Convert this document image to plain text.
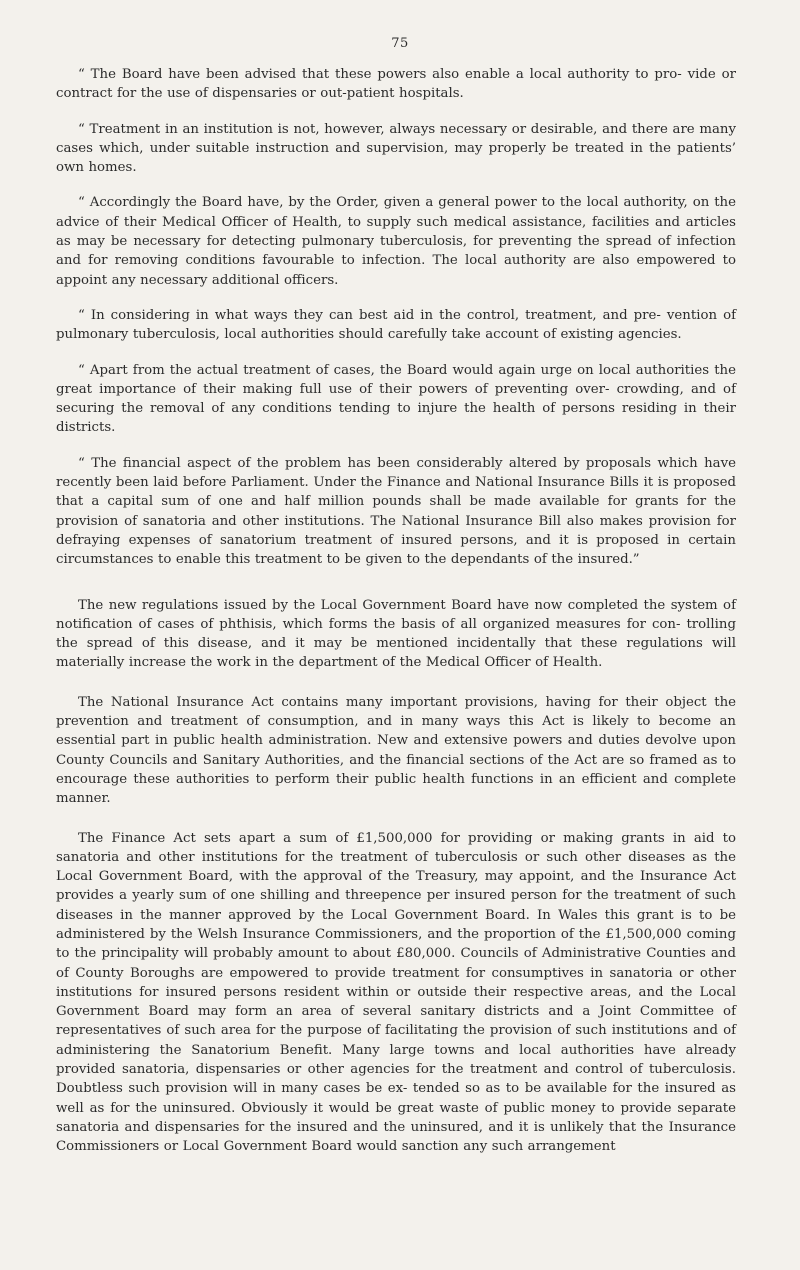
75

“ The Board have been advised that these powers also enable a local authority to pro- vide or contract for the use of dispensaries or out-patient hospitals.

“ Treatment in an institution is not, however, always necessary or desirable, and there are many cases which, under suitable instruction and supervision, may properly be treated in the patients’ own homes.

“ Accordingly the Board have, by the Order, given a general power to the local authority, on the advice of their Medical Officer of Health, to supply such medical assistance, facilities and articles as may be necessary for detecting pulmonary tuberculosis, for preventing the spread of infection and for removing conditions favourable to infection. The local authority are also empowered to appoint any necessary additional officers.

“ In considering in what ways they can best aid in the control, treatment, and pre- vention of pulmonary tuberculosis, local authorities should carefully take account of existing agencies.

“ Apart from the actual treatment of cases, the Board would again urge on local authorities the great importance of their making full use of their powers of preventing over- crowding, and of securing the removal of any conditions tending to injure the health of persons residing in their districts.

“ The financial aspect of the problem has been considerably altered by proposals which have recently been laid before Parliament. Under the Finance and National Insurance Bills it is proposed that a capital sum of one and half million pounds shall be made available for grants for the provision of sanatoria and other institutions. The National Insurance Bill also makes provision for defraying expenses of sanatorium treatment of insured persons, and it is proposed in certain circumstances to enable this treatment to be given to the dependants of the insured.”

The new regulations issued by the Local Government Board have now completed the system of notification of cases of phthisis, which forms the basis of all organized measures for con- trolling the spread of this disease, and it may be mentioned incidentally that these regulations will materially increase the work in the department of the Medical Officer of Health.

The National Insurance Act contains many important provisions, having for their object the prevention and treatment of consumption, and in many ways this Act is likely to become an essential part in public health administration. New and extensive powers and duties devolve upon County Councils and Sanitary Authorities, and the financial sections of the Act are so framed as to encourage these authorities to perform their public health functions in an efficient and complete manner.

The Finance Act sets apart a sum of £1,500,000 for providing or making grants in aid to sanatoria and other institutions for the treatment of tuberculosis or such other diseases as the Local Government Board, with the approval of the Treasury, may appoint, and the Insurance Act provides a yearly sum of one shilling and threepence per insured person for the treatment of such diseases in the manner approved by the Local Government Board. In Wales this grant is to be administered by the Welsh Insurance Commissioners, and the proportion of the £1,500,000 coming to the principality will probably amount to about £80,000. Councils of Administrative Counties and of County Boroughs are empowered to provide treatment for consumptives in sanatoria or other institutions for insured persons resident within or outside their respective areas, and the Local Government Board may form an area of several sanitary districts and a Joint Committee of representatives of such area for the purpose of facilitating the provision of such institutions and of administering the Sanatorium Benefit. Many large towns and local authorities have already provided sanatoria, dispensaries or other agencies for the treatment and control of tuberculosis. Doubtless such provision will in many cases be ex- tended so as to be available for the insured as well as for the uninsured. Obviously it would be great waste of public money to provide separate sanatoria and dispensaries for the insured and the uninsured, and it is unlikely that the Insurance Commissioners or Local Government Board would sanction any such arrangement
